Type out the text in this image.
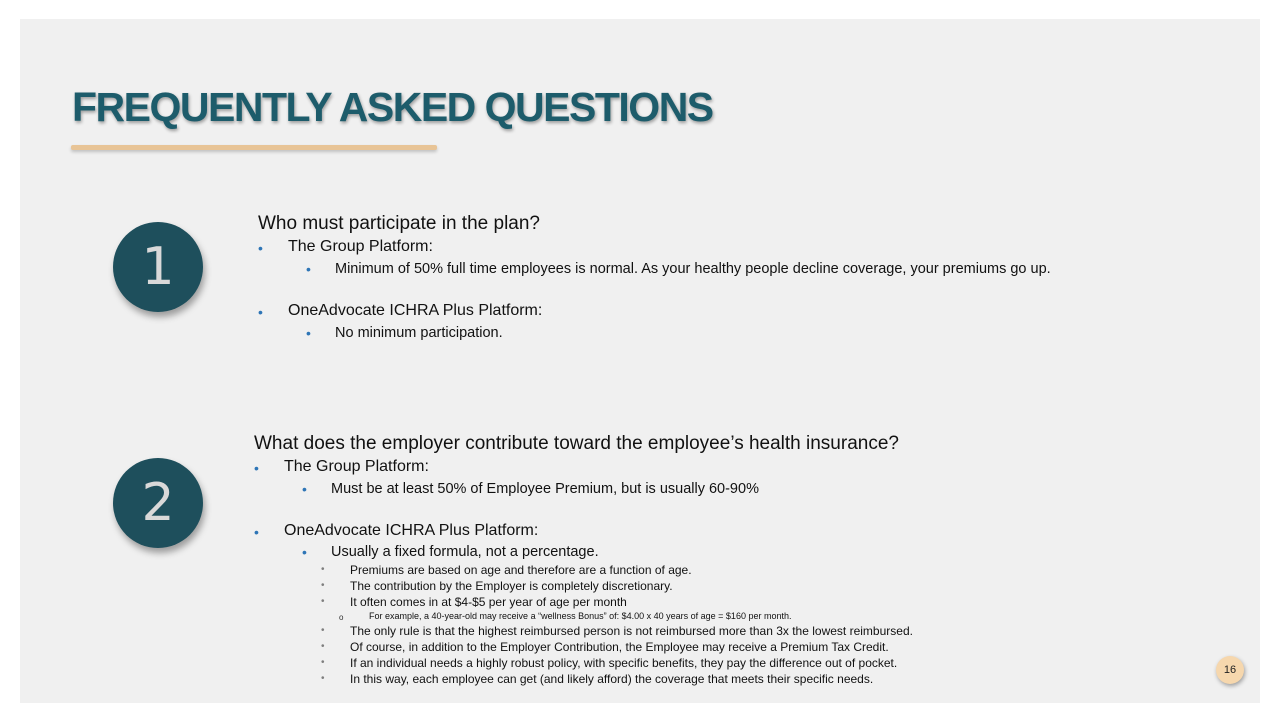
FREQUENTLY ASKED QUESTIONS
1
Who must participate in the plan?
• The Group Platform:
• Minimum of 50% full time employees is normal. As your healthy people decline coverage, your premiums go up.
• OneAdvocate ICHRA Plus Platform:
• No minimum participation.
2
What does the employer contribute toward the employee’s health insurance?
• The Group Platform:
• Must be at least 50% of Employee Premium, but is usually 60-90%
• OneAdvocate ICHRA Plus Platform:
• Usually a fixed formula, not a percentage.
• Premiums are based on age and therefore are a function of age.
• The contribution by the Employer is completely discretionary.
• It often comes in at $4-$5 per year of age per month
o	For example, a 40-year-old may receive a “wellness Bonus” of: $4.00 x 40 years of age = $160 per month.
• The only rule is that the highest reimbursed person is not reimbursed more than 3x the lowest reimbursed.
• Of course, in addition to the Employer Contribution, the Employee may receive a Premium Tax Credit.
• If an individual needs a highly robust policy, with specific benefits, they pay the difference out of pocket.
• In this way, each employee can get (and likely afford) the coverage that meets their specific needs.
16
